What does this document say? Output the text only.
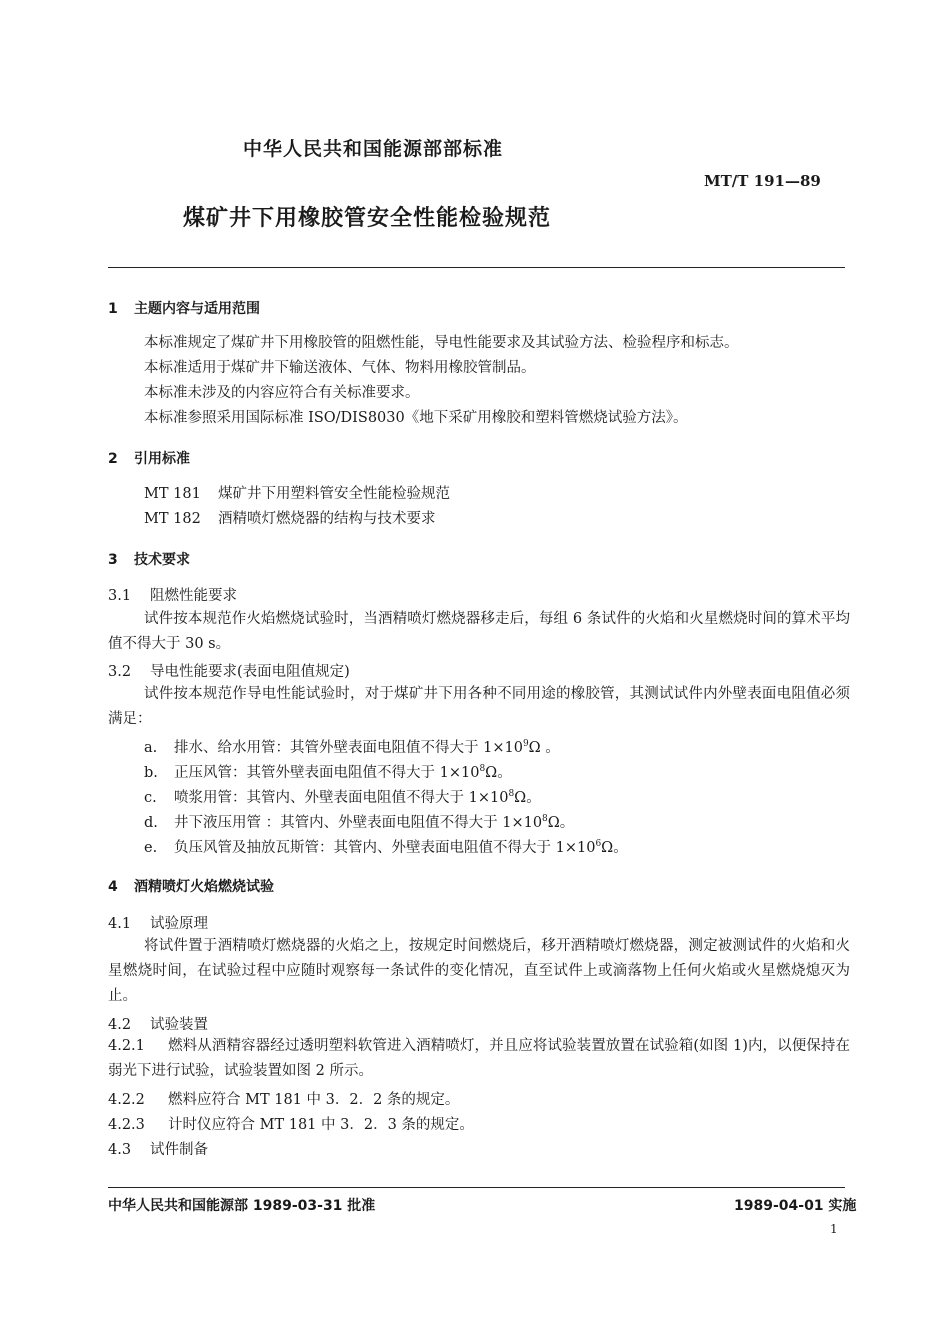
中华人民共和国能源部部标准
MT/T 191—89
煤矿井下用橡胶管安全性能检验规范
1 主题内容与适用范围
本标准规定了煤矿井下用橡胶管的阻燃性能，导电性能要求及其试验方法、检验程序和标志。
本标准适用于煤矿井下输送液体、气体、物料用橡胶管制品。
本标准未涉及的内容应符合有关标准要求。
本标准参照采用国际标准 ISO/DIS8030《地下采矿用橡胶和塑料管燃烧试验方法》。
2 引用标准
MT 181 煤矿井下用塑料管安全性能检验规范
MT 182 酒精喷灯燃烧器的结构与技术要求
3 技术要求
3.1 阻燃性能要求
试件按本规范作火焰燃烧试验时，当酒精喷灯燃烧器移走后，每组 6 条试件的火焰和火星燃烧时间的算术平均值不得大于 30 s。
3.2 导电性能要求(表面电阻值规定)
试件按本规范作导电性能试验时，对于煤矿井下用各种不同用途的橡胶管，其测试试件内外壁表面电阻值必须满足：
a. 排水、给水用管：其管外壁表面电阻值不得大于 $1\times 10^9\Omega$ 。
b. 正压风管：其管外壁表面电阻值不得大于 $1\times 10^8\Omega$。
c. 喷浆用管：其管内、外壁表面电阻值不得大于 $1\times 10^8\Omega$。
d. 井下液压用管 ：其管内、外壁表面电阻值不得大于 $1\times 10^8\Omega$。
e. 负压风管及抽放瓦斯管：其管内、外壁表面电阻值不得大于 $1\times 10^6\Omega$。
4 酒精喷灯火焰燃烧试验
4.1 试验原理
将试件置于酒精喷灯燃烧器的火焰之上，按规定时间燃烧后，移开酒精喷灯燃烧器，测定被测试件的火焰和火星燃烧时间，在试验过程中应随时观察每一条试件的变化情况，直至试件上或滴落物上任何火焰或火星燃烧熄灭为止。
4.2 试验装置
4.2.1 燃料从酒精容器经过透明塑料软管进入酒精喷灯，并且应将试验装置放置在试验箱(如图 1)内，以便保持在弱光下进行试验，试验装置如图 2 所示。
4.2.2 燃料应符合 MT 181 中 3．2．2 条的规定。
4.2.3 计时仪应符合 MT 181 中 3．2．3 条的规定。
4.3 试件制备
中华人民共和国能源部 1989-03-31 批准	1989-04-01 实施
1
